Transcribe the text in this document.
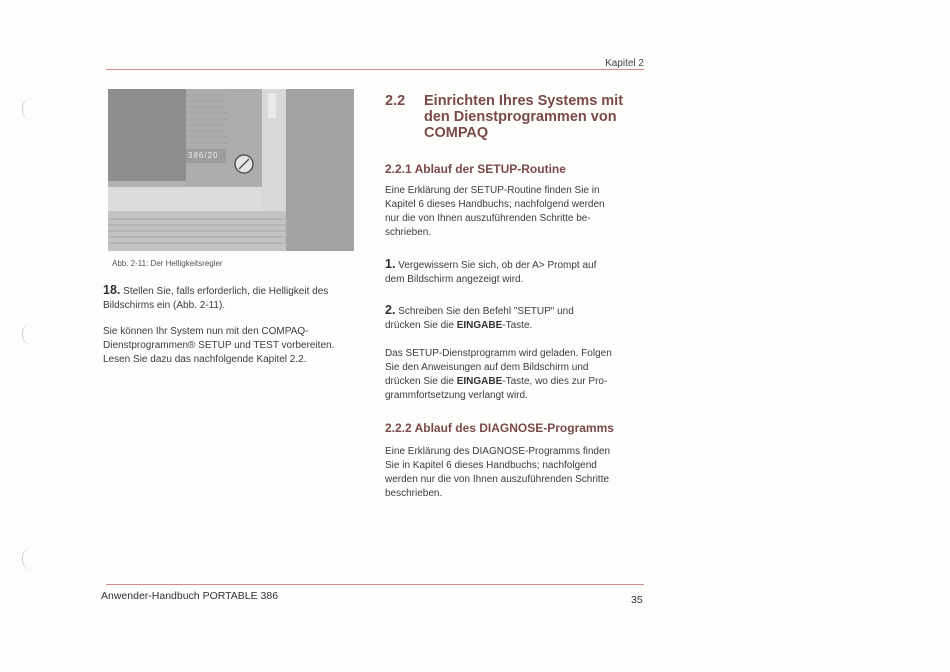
Kapitel 2
386/20
Abb. 2-11: Der Helligkeitsregler
18. Stellen Sie, falls erforderlich, die Helligkeit des
Bildschirms ein (Abb. 2-11).
Sie können Ihr System nun mit den COMPAQ-
Dienstprogrammen® SETUP und TEST vorbereiten.
Lesen Sie dazu das nachfolgende Kapitel 2.2.
2.2 Einrichten Ihres Systems mit
den Dienstprogrammen von
COMPAQ
2.2.1 Ablauf der SETUP-Routine
Eine Erklärung der SETUP-Routine finden Sie in
Kapitel 6 dieses Handbuchs; nachfolgend werden
nur die von Ihnen auszuführenden Schritte be-
schrieben.
1. Vergewissern Sie sich, ob der A> Prompt auf
dem Bildschirm angezeigt wird.
2. Schreiben Sie den Befehl "SETUP" und
drücken Sie die EINGABE-Taste.
Das SETUP-Dienstprogramm wird geladen. Folgen
Sie den Anweisungen auf dem Bildschirm und
drücken Sie die EINGABE-Taste, wo dies zur Pro-
grammfortsetzung verlangt wird.
2.2.2 Ablauf des DIAGNOSE-Programms
Eine Erklärung des DIAGNOSE-Programms finden
Sie in Kapitel 6 dieses Handbuchs; nachfolgend
werden nur die von Ihnen auszuführenden Schritte
beschrieben.
Anwender-Handbuch PORTABLE 386	35
